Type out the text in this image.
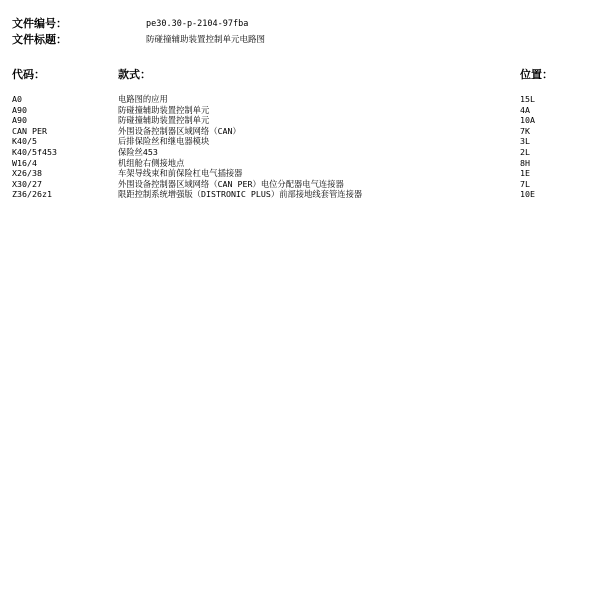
文件编号：	pe30.30-p-2104-97fba
文件标题：	防碰撞辅助装置控制单元电路图
代码：	款式：	位置：
A0	电路图的应用	15L
A90	防碰撞辅助装置控制单元	4A
A90	防碰撞辅助装置控制单元	10A
CAN PER	外围设备控制器区域网络（CAN）	7K
K40/5	后排保险丝和继电器模块	3L
K40/5f453	保险丝453	2L
W16/4	机组舱右侧接地点	8H
X26/38	车架导线束和前保险杠电气插接器	1E
X30/27	外围设备控制器区域网络（CAN PER）电位分配器电气连接器	7L
Z36/26z1	限距控制系统增强版（DISTRONIC PLUS）前部接地线套管连接器	10E
